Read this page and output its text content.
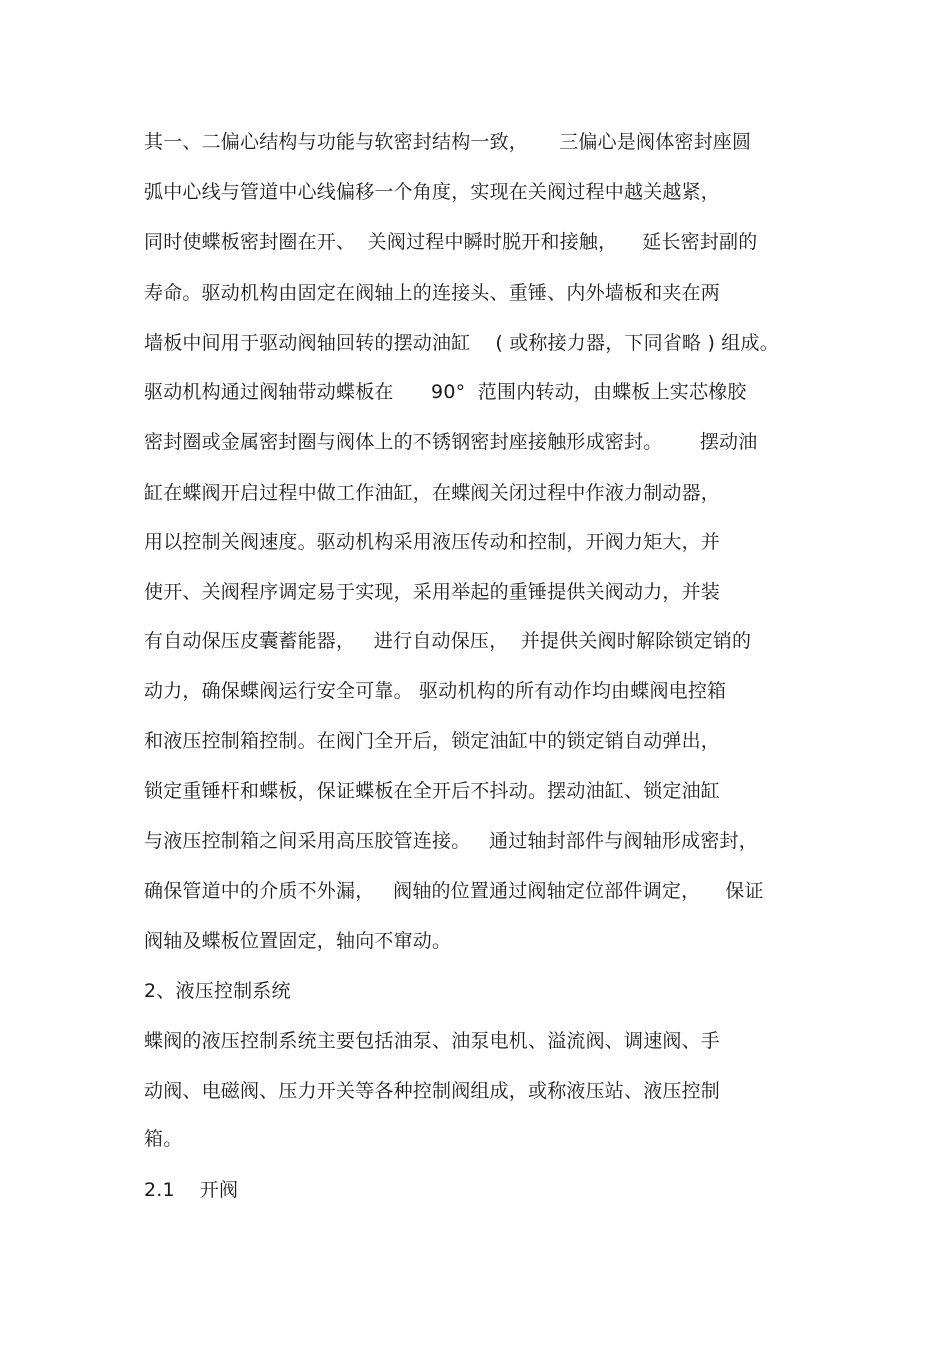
其一、二偏心结构与功能与软密封结构一致，     三偏心是阀体密封座圆
弧中心线与管道中心线偏移一个角度，实现在关阀过程中越关越紧，
同时使蝶板密封圈在开、  关阀过程中瞬时脱开和接触，    延长密封副的
寿命。驱动机构由固定在阀轴上的连接头、重锤、内外墙板和夹在两
墙板中间用于驱动阀轴回转的摆动油缸    ( 或称接力器，下同省略 ) 组成。
驱动机构通过阀轴带动蝶板在      90°  范围内转动，由蝶板上实芯橡胶
密封圈或金属密封圈与阀体上的不锈钢密封座接触形成密封。      摆动油
缸在蝶阀开启过程中做工作油缸，在蝶阀关闭过程中作液力制动器，
用以控制关阀速度。驱动机构采用液压传动和控制，开阀力矩大，并
使开、关阀程序调定易于实现，采用举起的重锤提供关阀动力，并装
有自动保压皮囊蓄能器，   进行自动保压，  并提供关阀时解除锁定销的
动力，确保蝶阀运行安全可靠。 驱动机构的所有动作均由蝶阀电控箱
和液压控制箱控制。在阀门全开后，锁定油缸中的锁定销自动弹出，
锁定重锤杆和蝶板，保证蝶板在全开后不抖动。摆动油缸、锁定油缸
与液压控制箱之间采用高压胶管连接。   通过轴封部件与阀轴形成密封，
确保管道中的介质不外漏，   阀轴的位置通过阀轴定位部件调定，    保证
阀轴及蝶板位置固定，轴向不窜动。
2、液压控制系统
蝶阀的液压控制系统主要包括油泵、油泵电机、溢流阀、调速阀、手
动阀、电磁阀、压力开关等各种控制阀组成，或称液压站、液压控制
箱。
2.1    开阀
